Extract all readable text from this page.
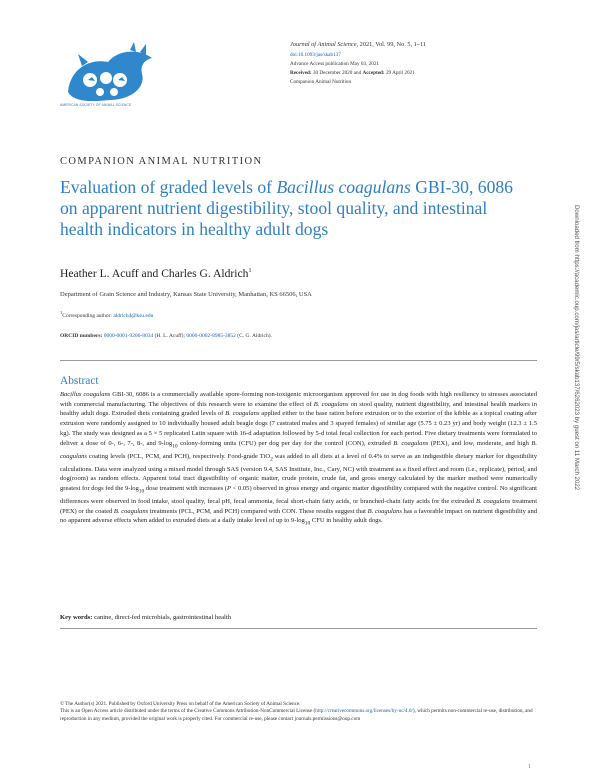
AMERICAN SOCIETY OF ANIMAL SCIENCE
Journal of Animal Science, 2021, Vol. 99, No. 5, 1–11
doi:10.1093/jas/skab137
Advance Access publication May 03, 2021
Received: 30 December 2020 and Accepted: 29 April 2021
Companion Animal Nutrition
COMPANION ANIMAL NUTRITION
Evaluation of graded levels of Bacillus coagulans GBI-30, 6086 on apparent nutrient digestibility, stool quality, and intestinal health indicators in healthy adult dogs
Heather L. Acuff and Charles G. Aldrich$^1$
Department of Grain Science and Industry, Kansas State University, Manhattan, KS 66506, USA
$^1$Corresponding author: aldrich4@ksu.edu
ORCID numbers: 0000-0001-9206-8034 (H. L. Acuff); 0000-0002-8985-3852 (C. G. Aldrich).
Abstract
Bacillus coagulans GBI-30, 6086 is a commercially available spore-forming non-toxigenic microorganism approved for use in dog foods with high resiliency to stresses associated with commercial manufacturing. The objectives of this research were to examine the effect of B. coagulans on stool quality, nutrient digestibility, and intestinal health markers in healthy adult dogs. Extruded diets containing graded levels of B. coagulans applied either to the base ration before extrusion or to the exterior of the kibble as a topical coating after extrusion were randomly assigned to 10 individually housed adult beagle dogs (7 castrated males and 3 spayed females) of similar age (5.75 ± 0.23 yr) and body weight (12.3 ± 1.5 kg). The study was designed as a 5 × 5 replicated Latin square with 16-d adaptation followed by 5-d total fecal collection for each period. Five dietary treatments were formulated to deliver a dose of 0-, 6-, 7-, 8-, and $9-\log_{10}$ colony-forming units (CFU) per dog per day for the control (CON), extruded B. coagulans (PEX), and low, moderate, and high B. coagulans coating levels (PCL, PCM, and PCH), respectively. Food-grade TiO$_2$ was added to all diets at a level of 0.4% to serve as an indigestible dietary marker for digestibility calculations. Data were analyzed using a mixed model through SAS (version 9.4, SAS Institute, Inc., Cary, NC) with treatment as a fixed effect and room (i.e., replicate), period, and dog(room) as random effects. Apparent total tract digestibility of organic matter, crude protein, crude fat, and gross energy calculated by the marker method were numerically greatest for dogs fed the $9-\log_{10}$ dose treatment with increases (P < 0.05) observed in gross energy and organic matter digestibility compared with the negative control. No significant differences were observed in food intake, stool quality, fecal pH, fecal ammonia, fecal short-chain fatty acids, or branched-chain fatty acids for the extruded B. coagulans treatment (PEX) or the coated B. coagulans treatments (PCL, PCM, and PCH) compared with CON. These results suggest that B. coagulans has a favorable impact on nutrient digestibility and no apparent adverse effects when added to extruded diets at a daily intake level of up to $9-\log_{10}$ CFU in healthy adult dogs.
Key words: canine, direct-fed microbials, gastrointestinal health
© The Author(s) 2021. Published by Oxford University Press on behalf of the American Society of Animal Science.
This is an Open Access article distributed under the terms of the Creative Commons Attribution-NonCommercial License (http://creativecommons.org/licenses/by-nc/4.0/), which permits non-commercial re-use, distribution, and reproduction in any medium, provided the original work is properly cited. For commercial re-use, please contact journals.permissions@oup.com
1
Downloaded from https://academic.oup.com/jas/article/99/5/skab137/6262023 by guest on 11 March 2022
